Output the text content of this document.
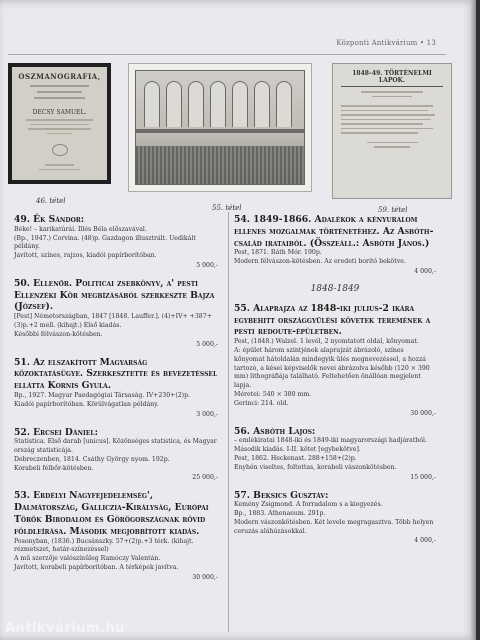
Központi Antikvárium • 13
OSZMANOGRAFIA,
DECSY SAMUEL.
46. tétel
55. tétel
1848–49. TÖRTÉNELMI LAPOK.
59. tétel
49. Ék Sándor:
Béke! – karikatúrái. Illés Béla előszavával.
(Bp., 1947.) Corvina. (48)p. Gazdagon illusztrált. Uedikált példány.
Javított, színes, rajzos, kiadói papírborítóban.
5 000,-
50. Ellenőr. Politicai zsebkönyv, a' pesti Ellenzéki Kör megbízásából szerkeszte Bajza (József).
[Pest] Németországban, 1847 [1848. Lauffer.]. (4)+IV+ +387+(3)p.+2 mell. (kihajt.) Első kiadás.
Későbbi félvászon-kötésben.
5 000,-
51. Az elszakított Magyarság közoktatásügye. Szerkesztette és bevezetéssel ellátta Kornis Gyula.
Bp., 1927. Magyar Paedagógiai Társaság. IV+230+(2)p.
Kiadói papírborítóban. Körülvágatlan példány.
3 000,-
52. Ercsei Dániel:
Statistica. Első darab [unicus]. Közönséges statistica, és Magyar ország statisticája.
Debreczenben, 1814. Csáthy György nyom. 192p.
Korabeli félbőr-kötésben.
25 000,-
53. Erdélyi Nagyfejedelemség', Dalmátország, Galliczia-Királyság, Európai Török Birodalom és Görögországnak rövid földleírása. Második megjobbított kiadás.
Posonyban, (1836.) Bucsánszky. 57+(2)p.+3 térk. (kihajt. rézmetszet, határ-színezéssel)
A mű szerzője valószínűleg Ramóczy Valentán.
Javított, korabeli papírborítóban. A térképek javítva.
30 000,-
54. 1849-1866. Adalékok a kényuralom ellenes mozgalmak történetéhez. Az Asbóth-család irataiból. (Összeáll.: Asbóth János.)
Pest, 1871. Ráth Mór. 190p.
Modern félvászon-kötésben. Az eredeti borító bekötve.
4 000,-
1848-1849
55. Alaprajza az 1848-iki julius-2 ikára egybehitt országgyűlési követek teremének a pesti redoute-épületben.
Pest, (1848.) Walzel. 1 levél, 2 nyomtatott oldal, kőnyomat.
A: épület három szintjének alaprajzát ábrázoló, színes kőnyomat hátoldalán mindegyik ülés megnevezéssel, a hozzá tartozó, a kései képviselők nevei ábrázolva később (120 × 390 mm) lithográfiája található. Feltehetően önállóan megjelent lapja.
Méretei: 540 × 380 mm.
Gerinci: 214. old.
30 000,-
56. Asbóth Lajos:
– emlékiratai 1848-iki és 1849-iki magyarországi hadjáratból.
Második kiadás. I-II. kötet [egybekötve].
Pest, 1862. Heckenast. 288+158+(2)p.
Enyhén viseltes, foltottas, korabeli vászonkötésben.
15 000,-
57. Beksics Gusztáv:
Kemény Zsigmond. A forradalom s a kiegyezés.
Bp., 1883. Athenaeum. 291p.
Modern vászonkötésben. Két levele megragasztva. Több helyen ceruzás aláhúzásokkal.
4 000,-
Antikvárium.hu
